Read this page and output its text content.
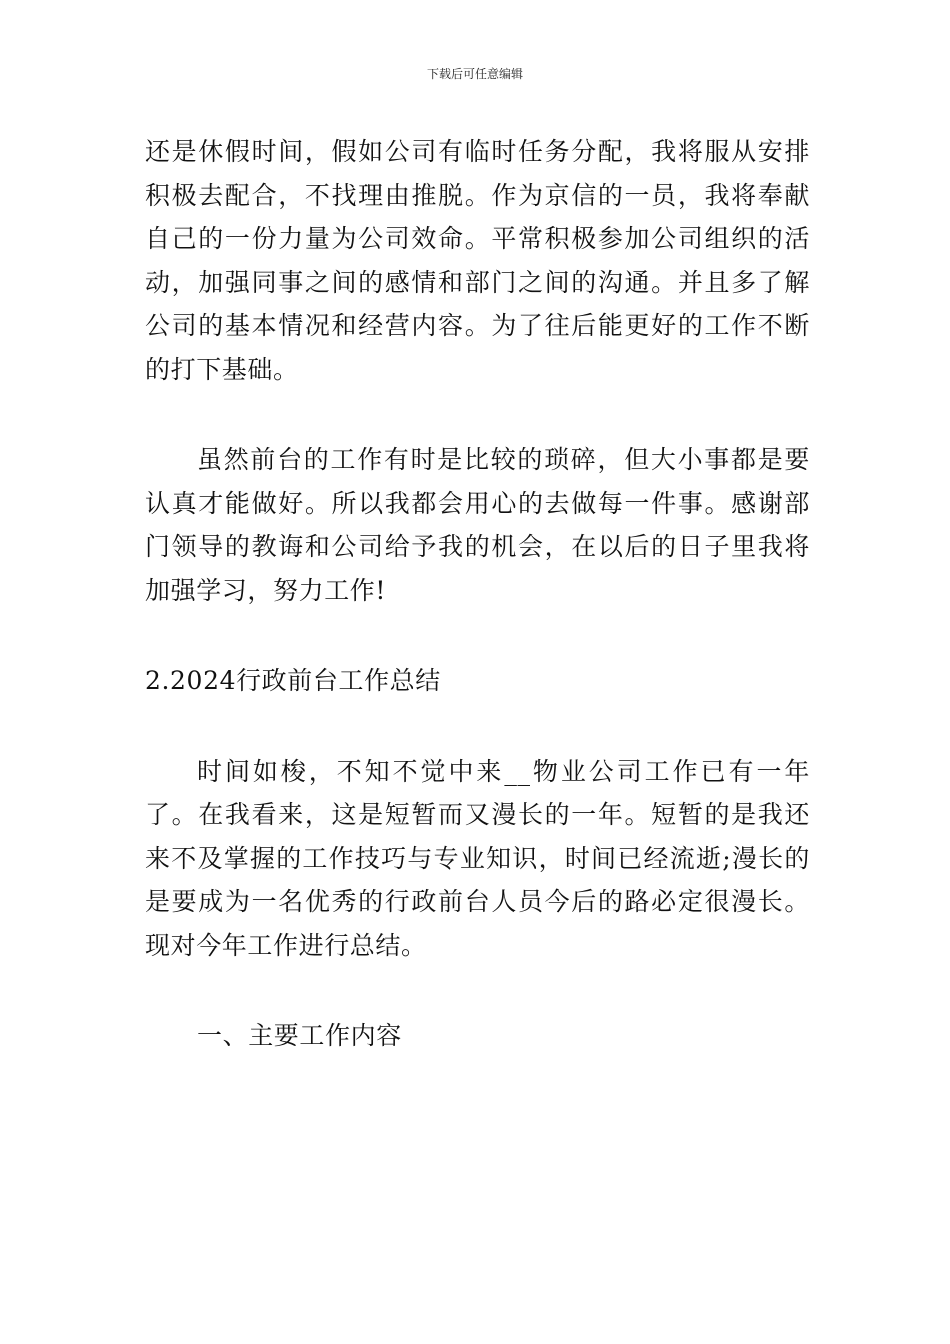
下载后可任意编辑

还是休假时间，假如公司有临时任务分配，我将服从安排积极去配合，不找理由推脱。作为京信的一员，我将奉献自己的一份力量为公司效命。平常积极参加公司组织的活动，加强同事之间的感情和部门之间的沟通。并且多了解公司的基本情况和经营内容。为了往后能更好的工作不断的打下基础。

虽然前台的工作有时是比较的琐碎，但大小事都是要认真才能做好。所以我都会用心的去做每一件事。感谢部门领导的教诲和公司给予我的机会，在以后的日子里我将加强学习，努力工作!

2.2024行政前台工作总结

时间如梭，不知不觉中来__物业公司工作已有一年了。在我看来，这是短暂而又漫长的一年。短暂的是我还来不及掌握的工作技巧与专业知识，时间已经流逝;漫长的是要成为一名优秀的行政前台人员今后的路必定很漫长。现对今年工作进行总结。

一、主要工作内容
